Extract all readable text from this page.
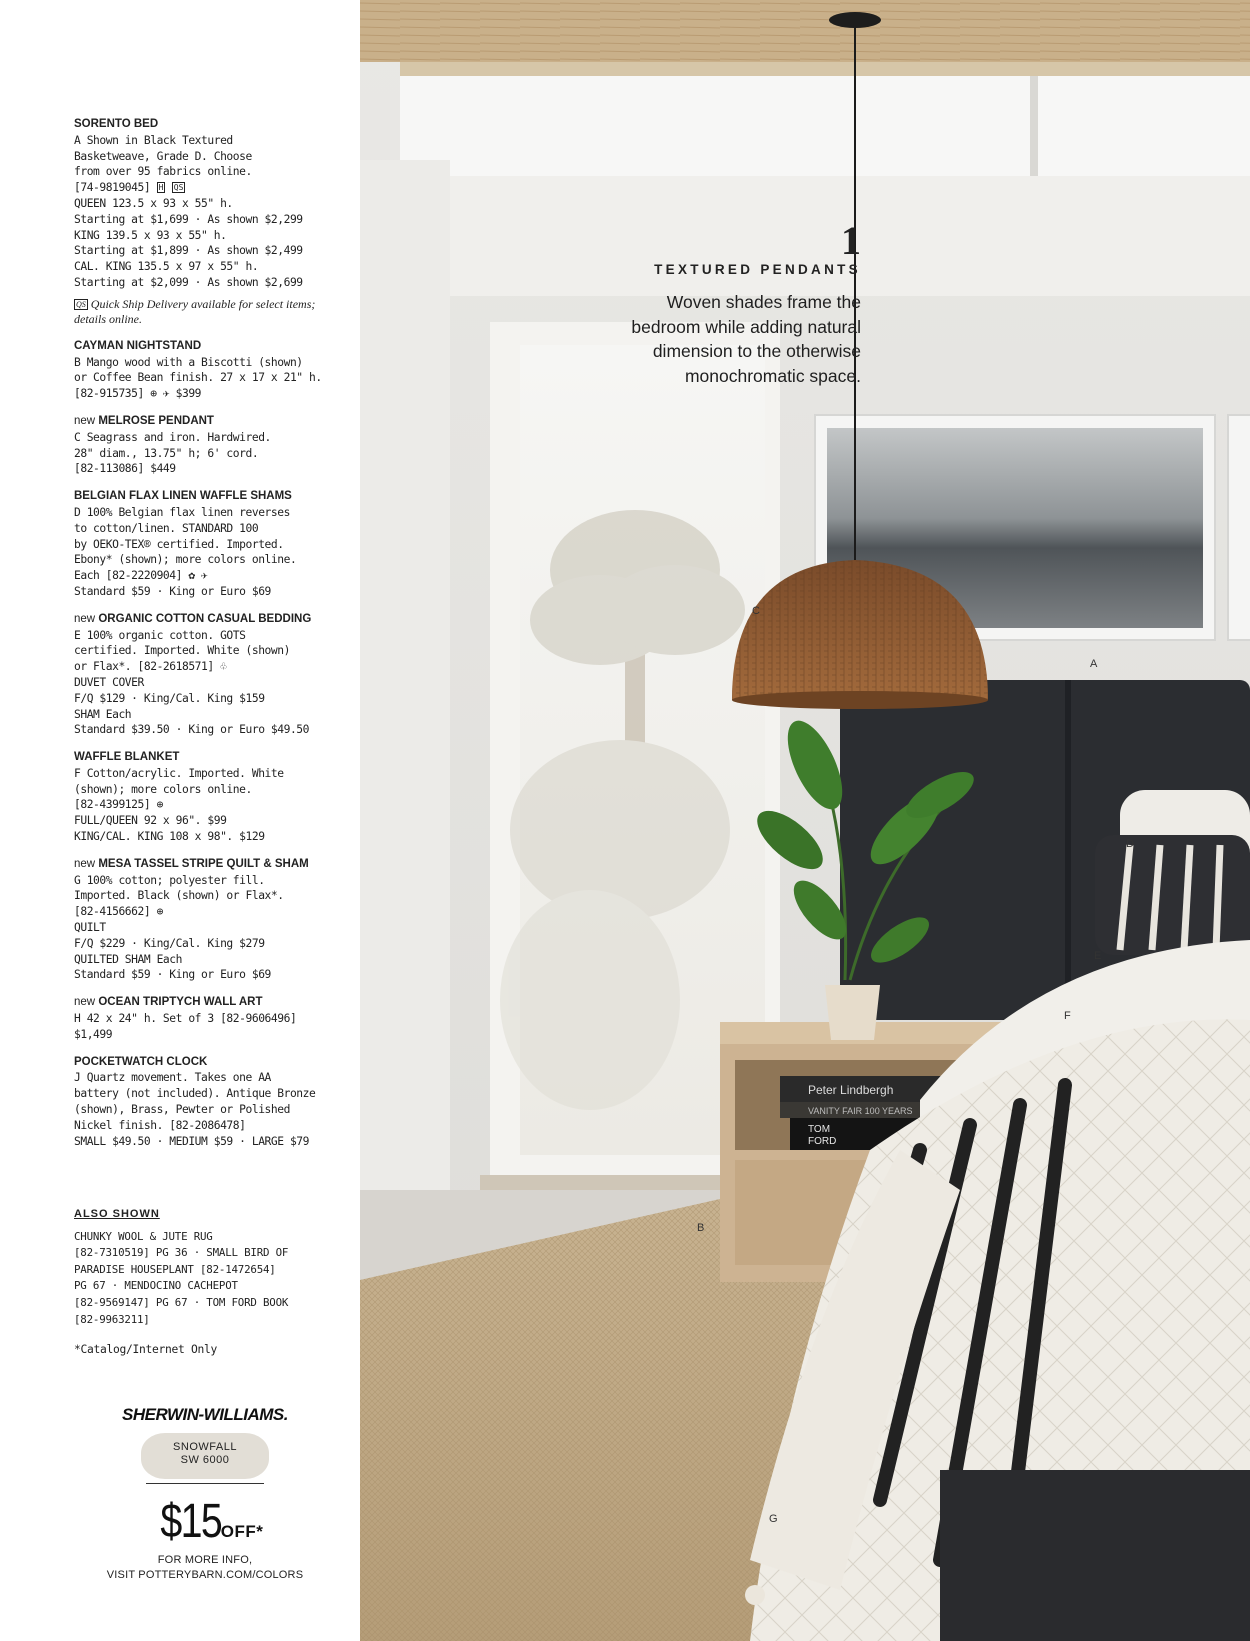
SORENTO BED
A Shown in Black Textured
Basketweave, Grade D. Choose
from over 95 fabrics online.
[74-9819045] H QS
QUEEN 123.5 x 93 x 55" h.
Starting at $1,699 · As shown $2,299
KING 139.5 x 93 x 55" h.
Starting at $1,899 · As shown $2,499
CAL. KING 135.5 x 97 x 55" h.
Starting at $2,099 · As shown $2,699
QS Quick Ship Delivery available for select items; details online.
CAYMAN NIGHTSTAND
B Mango wood with a Biscotti (shown)
or Coffee Bean finish. 27 x 17 x 21" h.
[82-915735] ⊕ ✈ $399
new MELROSE PENDANT
C Seagrass and iron. Hardwired.
28" diam., 13.75" h; 6' cord.
[82-113086] $449
BELGIAN FLAX LINEN WAFFLE SHAMS
D 100% Belgian flax linen reverses
to cotton/linen. STANDARD 100
by OEKO-TEX® certified. Imported.
Ebony* (shown); more colors online.
Each [82-2220904] ✿ ✈
Standard $59 · King or Euro $69
new ORGANIC COTTON CASUAL BEDDING
E 100% organic cotton. GOTS
certified. Imported. White (shown)
or Flax*. [82-2618571] ♧
DUVET COVER
F/Q $129 · King/Cal. King $159
SHAM Each
Standard $39.50 · King or Euro $49.50
WAFFLE BLANKET
F Cotton/acrylic. Imported. White
(shown); more colors online.
[82-4399125] ⊕
FULL/QUEEN 92 x 96". $99
KING/CAL. KING 108 x 98". $129
new MESA TASSEL STRIPE QUILT & SHAM
G 100% cotton; polyester fill.
Imported. Black (shown) or Flax*.
[82-4156662] ⊕
QUILT
F/Q $229 · King/Cal. King $279
QUILTED SHAM Each
Standard $59 · King or Euro $69
new OCEAN TRIPTYCH WALL ART
H 42 x 24" h. Set of 3 [82-9606496]
$1,499
POCKETWATCH CLOCK
J Quartz movement. Takes one AA
battery (not included). Antique Bronze
(shown), Brass, Pewter or Polished
Nickel finish. [82-2086478]
SMALL $49.50 · MEDIUM $59 · LARGE $79
ALSO SHOWN
CHUNKY WOOL & JUTE RUG
[82-7310519] PG 36 · SMALL BIRD OF
PARADISE HOUSEPLANT [82-1472654]
PG 67 · MENDOCINO CACHEPOT
[82-9569147] PG 67 · TOM FORD BOOK
[82-9963211]
*Catalog/Internet Only
SHERWIN-WILLIAMS.
SNOWFALL
SW 6000
$15OFF*
FOR MORE INFO,
VISIT POTTERYBARN.COM/COLORS
Peter Lindbergh
VANITY FAIR 100 YEARS
TOM
FORD
C
A
D
E
F
B
G
1
TEXTURED PENDANTS
Woven shades frame the
bedroom while adding natural
dimension to the otherwise
monochromatic space.
